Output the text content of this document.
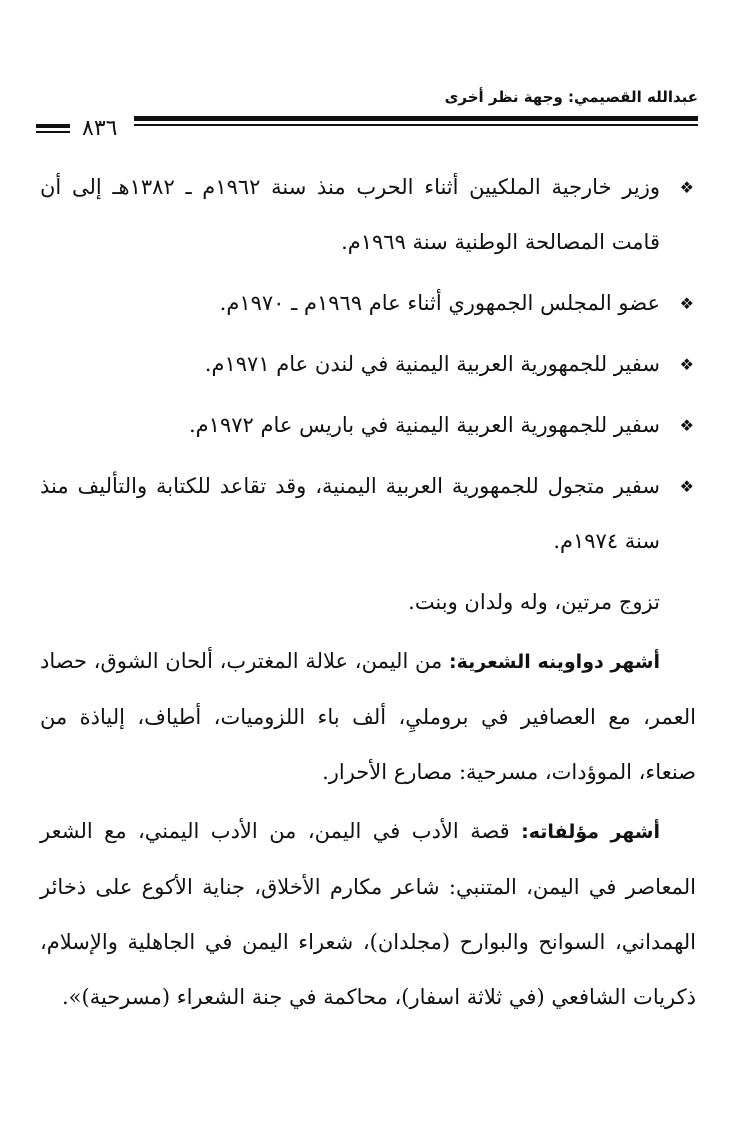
عبدالله القصيمي: وجهة نظر أخرى
٨٣٦
❖
وزير خارجية الملكيين أثناء الحرب منذ سنة ١٩٦٢م ـ ١٣٨٢هـ إلى أن قامت المصالحة الوطنية سنة ١٩٦٩م.
❖
عضو المجلس الجمهوري أثناء عام ١٩٦٩م ـ ١٩٧٠م.
❖
سفير للجمهورية العربية اليمنية في لندن عام ١٩٧١م.
❖
سفير للجمهورية العربية اليمنية في باريس عام ١٩٧٢م.
❖
سفير متجول للجمهورية العربية اليمنية، وقد تقاعد للكتابة والتأليف منذ سنة ١٩٧٤م.

تزوج مرتين، وله ولدان وبنت.

أشهر دواوينه الشعرية: من اليمن، علالة المغترب، ألحان الشوق، حصاد العمر، مع العصافير في برومليِ، ألف باء اللزوميات، أطياف، إلياذة من صنعاء، الموؤدات، مسرحية: مصارع الأحرار.

أشهر مؤلفاته: قصة الأدب في اليمن، من الأدب اليمني، مع الشعر المعاصر في اليمن، المتنبي: شاعر مكارم الأخلاق، جناية الأكوع على ذخائر الهمداني، السوانح والبوارح (مجلدان)، شعراء اليمن في الجاهلية والإسلام، ذكريات الشافعي (في ثلاثة اسفار)، محاكمة في جنة الشعراء (مسرحية)».
